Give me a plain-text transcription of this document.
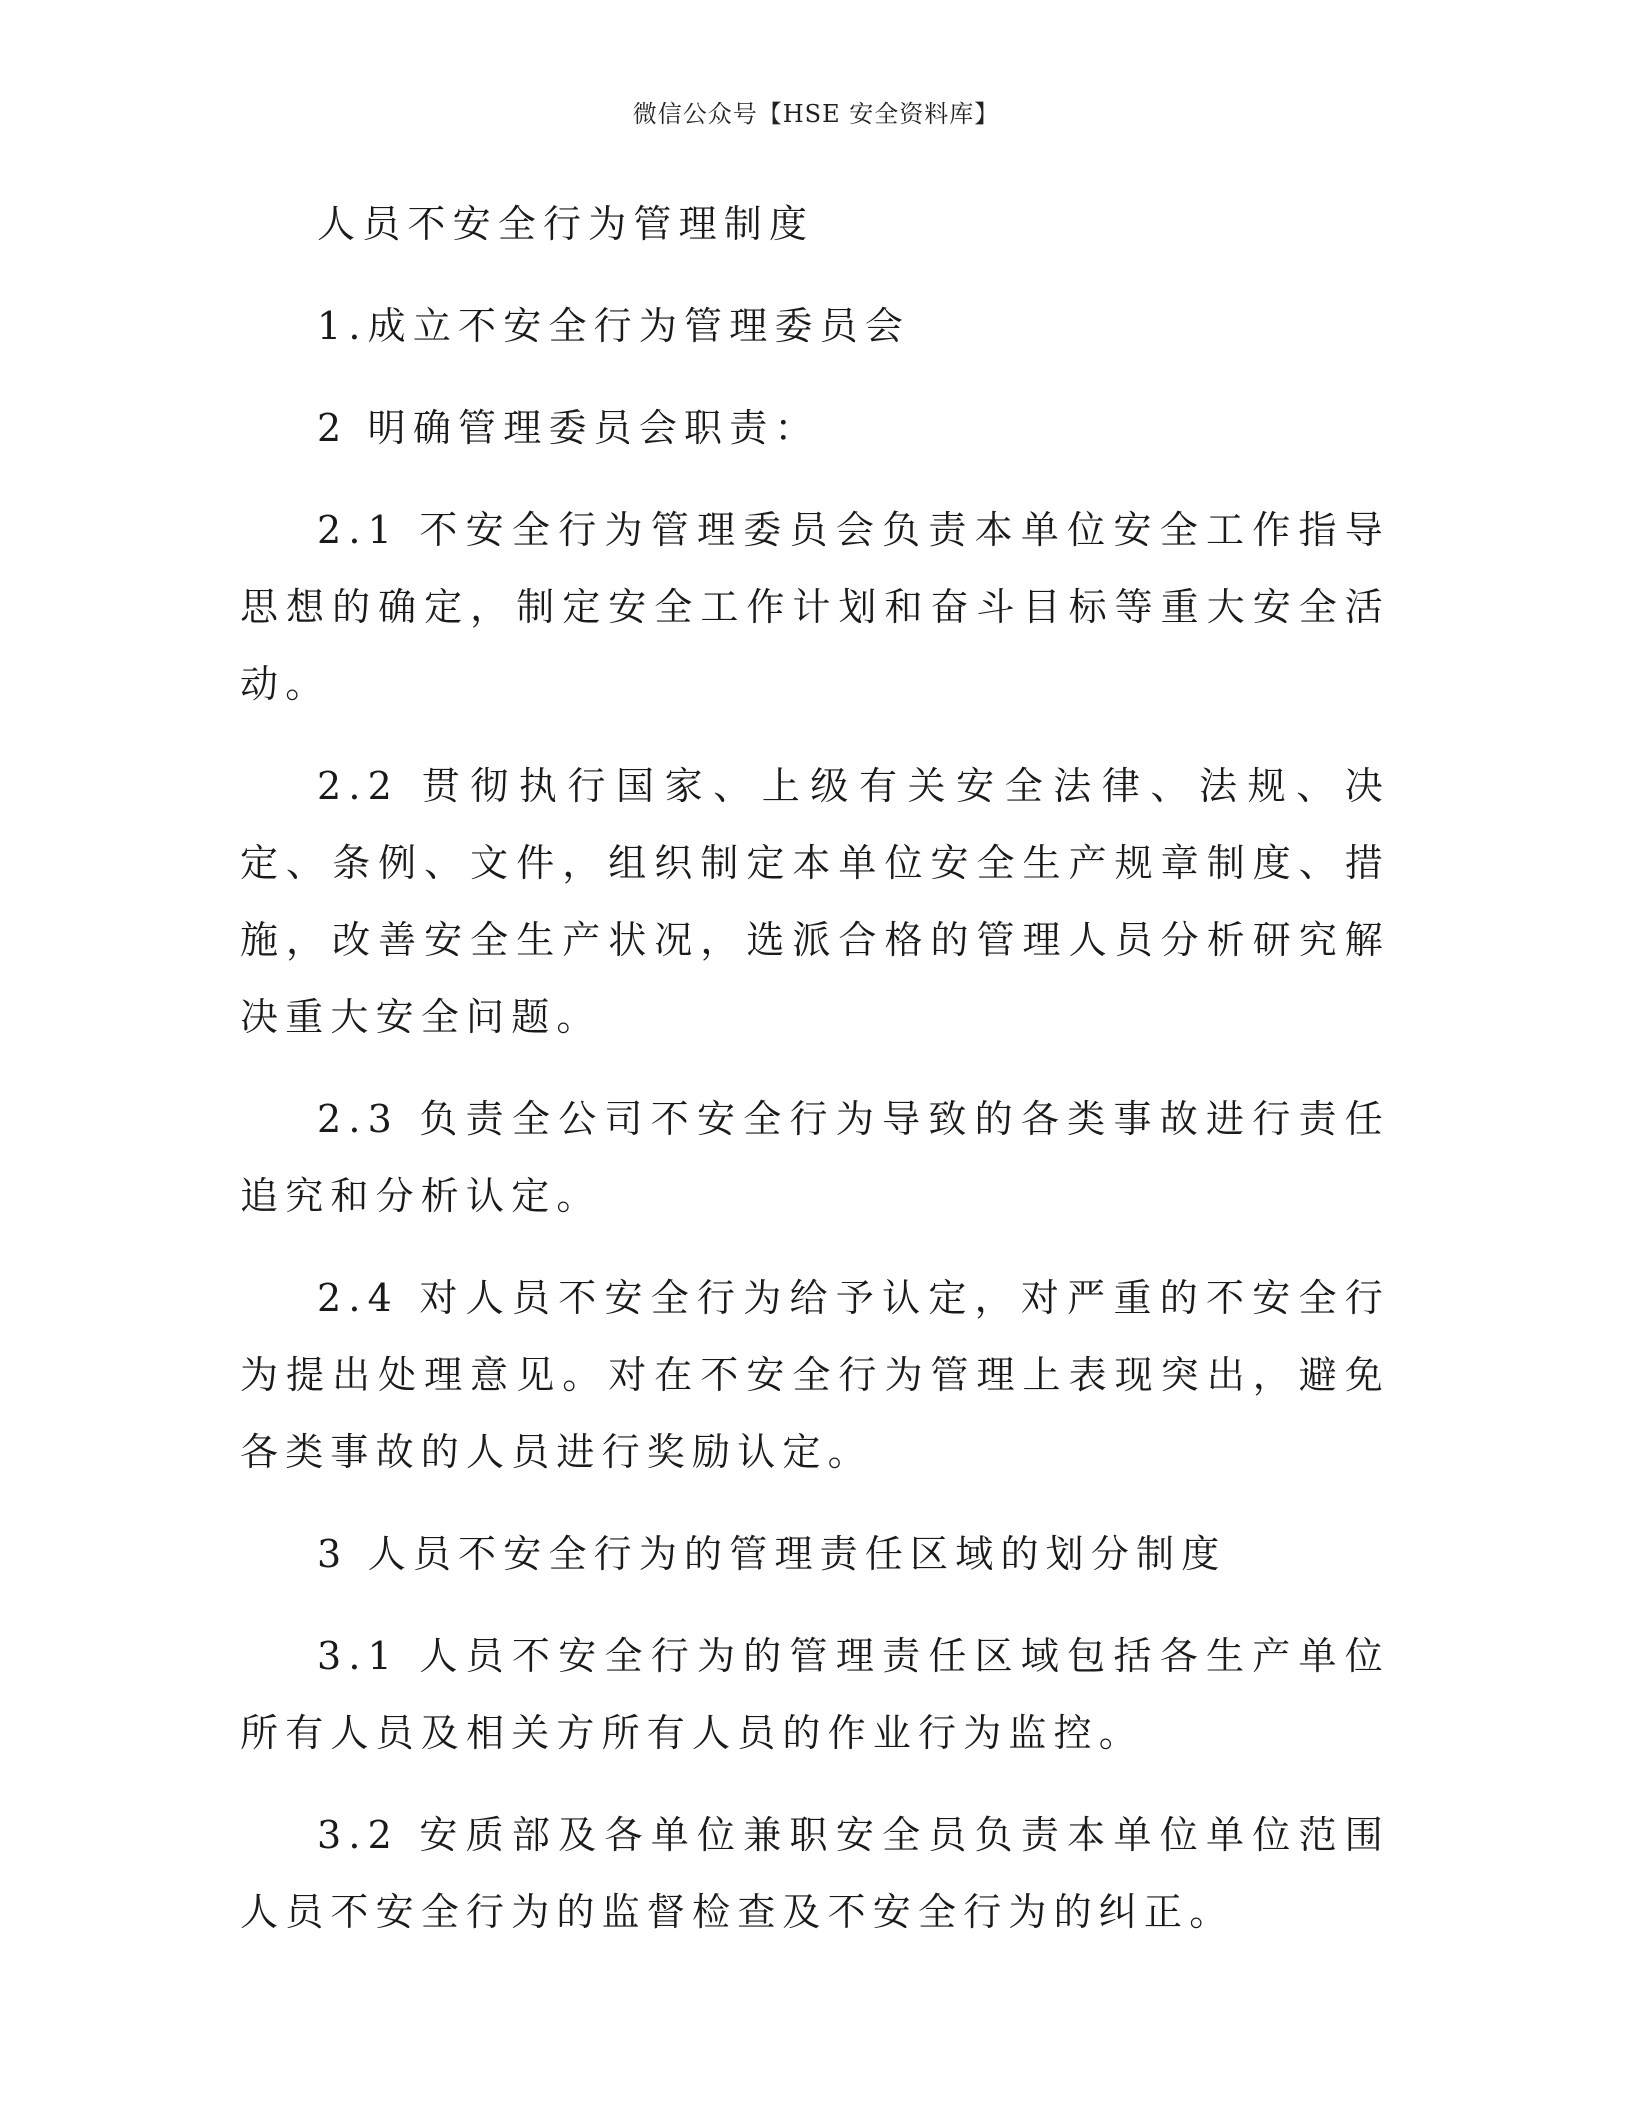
微信公众号【HSE 安全资料库】

人员不安全行为管理制度

1.成立不安全行为管理委员会

2 明确管理委员会职责：

2.1 不安全行为管理委员会负责本单位安全工作指导思想的确定，制定安全工作计划和奋斗目标等重大安全活动。

2.2 贯彻执行国家、上级有关安全法律、法规、决定、条例、文件，组织制定本单位安全生产规章制度、措施，改善安全生产状况，选派合格的管理人员分析研究解决重大安全问题。

2.3 负责全公司不安全行为导致的各类事故进行责任追究和分析认定。

2.4 对人员不安全行为给予认定，对严重的不安全行为提出处理意见。对在不安全行为管理上表现突出，避免各类事故的人员进行奖励认定。

3 人员不安全行为的管理责任区域的划分制度

3.1 人员不安全行为的管理责任区域包括各生产单位所有人员及相关方所有人员的作业行为监控。

3.2 安质部及各单位兼职安全员负责本单位单位范围人员不安全行为的监督检查及不安全行为的纠正。
